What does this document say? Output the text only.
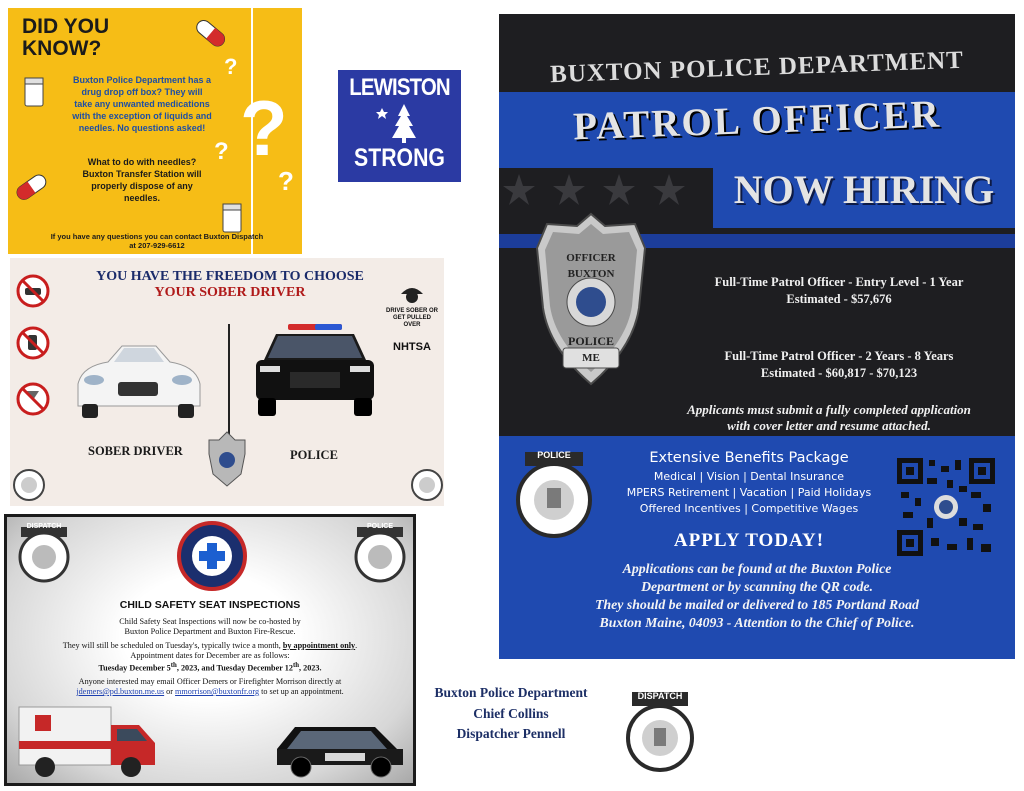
DID YOU
KNOW?
?
?
?
?
Buxton Police Department has a
drug drop off box? They will
take any unwanted medications
with the exception of liquids and
needles. No questions asked!
What to do with needles?
Buxton Transfer Station will
properly dispose of any
needles.
If you have any questions you can contact Buxton Dispatch
at 207-929-6612
LEWISTON
STRONG
YOU HAVE THE FREEDOM TO CHOOSE
YOUR SOBER DRIVER
DRIVE SOBER OR
GET PULLED OVER
NHTSA
SOBER DRIVER	POLICE
DISPATCH	POLICE
CHILD SAFETY SEAT INSPECTIONS
Child Safety Seat Inspections will now be co-hosted by
Buxton Police Department and Buxton Fire-Rescue.
They will still be scheduled on Tuesday's, typically twice a month, by appointment only.
Appointment dates for December are as follows:
Tuesday December 5th, 2023, and Tuesday December 12th, 2023.
Anyone interested may email Officer Demers or Firefighter Morrison directly at
jdemers@pd.buxton.me.us or mmorrison@buxtonfr.org to set up an appointment.
BUXTON POLICE DEPARTMENT
PATROL OFFICER
NOW HIRING
OFFICER
BUXTON
POLICE
ME
Full-Time Patrol Officer - Entry Level - 1 Year
Estimated - $57,676
Full-Time Patrol Officer - 2 Years - 8 Years
Estimated - $60,817 - $70,123
Applicants must submit a fully completed application
with cover letter and resume attached.
POLICE	Extensive Benefits Package
Medical | Vision | Dental Insurance
MPERS Retirement | Vacation | Paid Holidays
Offered Incentives | Competitive Wages
APPLY TODAY!
Applications can be found at the Buxton Police
Department or by scanning the QR code.
They should be mailed or delivered to 185 Portland Road
Buxton Maine, 04093 - Attention to the Chief of Police.
Buxton Police Department
Chief Collins
Dispatcher Pennell
DISPATCH
